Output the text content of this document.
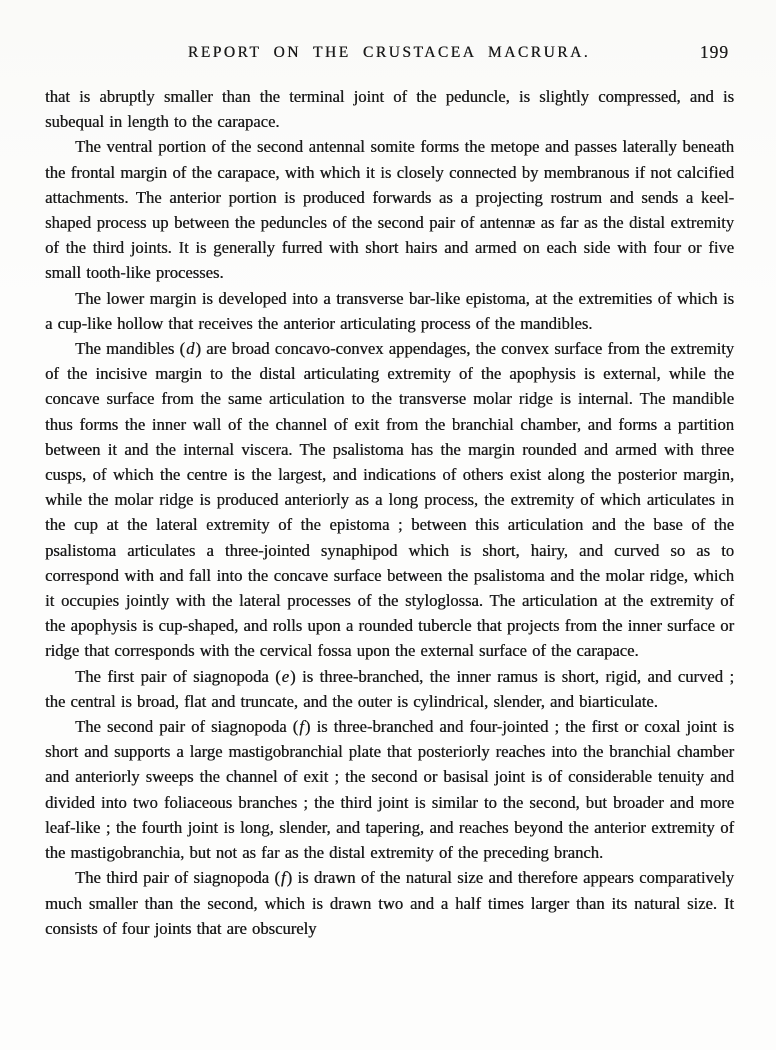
REPORT ON THE CRUSTACEA MACRURA.	199

that is abruptly smaller than the terminal joint of the peduncle, is slightly compressed, and is subequal in length to the carapace.

The ventral portion of the second antennal somite forms the metope and passes laterally beneath the frontal margin of the carapace, with which it is closely connected by membranous if not calcified attachments. The anterior portion is produced forwards as a projecting rostrum and sends a keel-shaped process up between the peduncles of the second pair of antennæ as far as the distal extremity of the third joints. It is generally furred with short hairs and armed on each side with four or five small tooth-like processes.

The lower margin is developed into a transverse bar-like epistoma, at the extremities of which is a cup-like hollow that receives the anterior articulating process of the mandibles.

The mandibles (d) are broad concavo-convex appendages, the convex surface from the extremity of the incisive margin to the distal articulating extremity of the apophysis is external, while the concave surface from the same articulation to the transverse molar ridge is internal. The mandible thus forms the inner wall of the channel of exit from the branchial chamber, and forms a partition between it and the internal viscera. The psalistoma has the margin rounded and armed with three cusps, of which the centre is the largest, and indications of others exist along the posterior margin, while the molar ridge is produced anteriorly as a long process, the extremity of which articulates in the cup at the lateral extremity of the epistoma ; between this articulation and the base of the psalistoma articulates a three-jointed synaphipod which is short, hairy, and curved so as to correspond with and fall into the concave surface between the psalistoma and the molar ridge, which it occupies jointly with the lateral processes of the styloglossa. The articulation at the extremity of the apophysis is cup-shaped, and rolls upon a rounded tubercle that projects from the inner surface or ridge that corresponds with the cervical fossa upon the external surface of the carapace.

The first pair of siagnopoda (e) is three-branched, the inner ramus is short, rigid, and curved ; the central is broad, flat and truncate, and the outer is cylindrical, slender, and biarticulate.

The second pair of siagnopoda (f) is three-branched and four-jointed ; the first or coxal joint is short and supports a large mastigobranchial plate that posteriorly reaches into the branchial chamber and anteriorly sweeps the channel of exit ; the second or basisal joint is of considerable tenuity and divided into two foliaceous branches ; the third joint is similar to the second, but broader and more leaf-like ; the fourth joint is long, slender, and tapering, and reaches beyond the anterior extremity of the mastigobranchia, but not as far as the distal extremity of the preceding branch.

The third pair of siagnopoda (f) is drawn of the natural size and therefore appears comparatively much smaller than the second, which is drawn two and a half times larger than its natural size. It consists of four joints that are obscurely
